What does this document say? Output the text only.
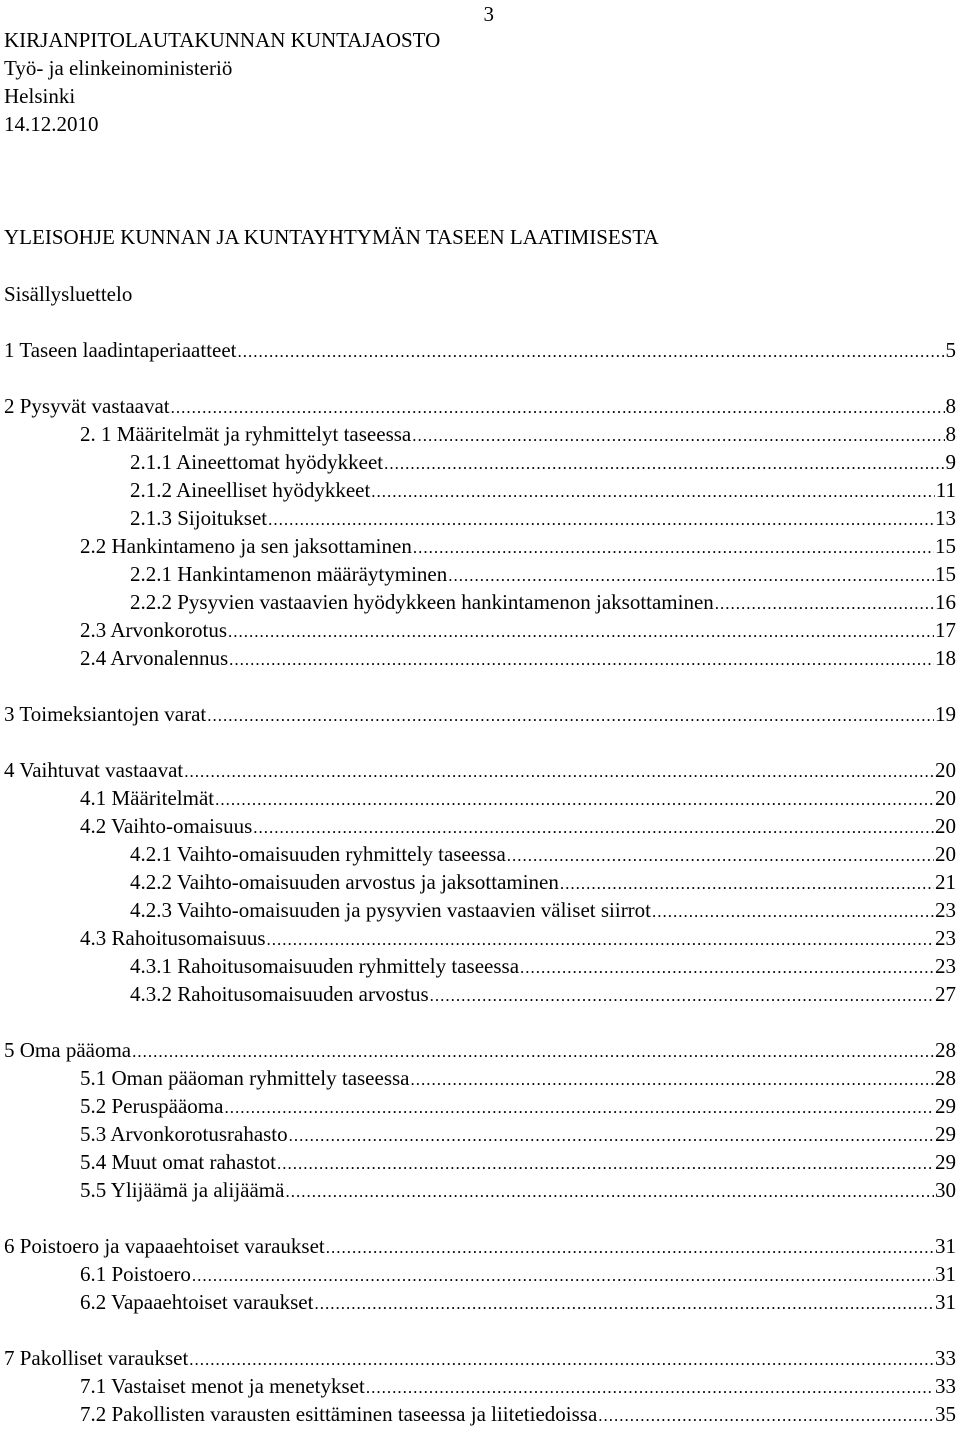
3
KIRJANPITOLAUTAKUNNAN KUNTAJAOSTO
Työ- ja elinkeinoministeriö
Helsinki
14.12.2010
YLEISOHJE KUNNAN JA KUNTAYHTYMÄN TASEEN LAATIMISESTA
Sisällysluettelo
1 Taseen laadintaperiaatteet .....	5
2 Pysyvät vastaavat .....	8
2. 1 Määritelmät ja ryhmittelyt taseessa .....	8
2.1.1 Aineettomat hyödykkeet .....	9
2.1.2 Aineelliset hyödykkeet .....	11
2.1.3 Sijoitukset .....	13
2.2 Hankintameno ja sen jaksottaminen .....	15
2.2.1 Hankintamenon määräytyminen .....	15
2.2.2 Pysyvien vastaavien hyödykkeen hankintamenon jaksottaminen .....	16
2.3 Arvonkorotus .....	17
2.4 Arvonalennus .....	18
3 Toimeksiantojen varat .....	19
4 Vaihtuvat vastaavat .....	20
4.1 Määritelmät .....	20
4.2 Vaihto-omaisuus .....	20
4.2.1 Vaihto-omaisuuden ryhmittely taseessa .....	20
4.2.2 Vaihto-omaisuuden arvostus ja jaksottaminen .....	21
4.2.3 Vaihto-omaisuuden ja pysyvien vastaavien väliset siirrot .....	23
4.3 Rahoitusomaisuus .....	23
4.3.1 Rahoitusomaisuuden ryhmittely taseessa .....	23
4.3.2 Rahoitusomaisuuden arvostus .....	27
5 Oma pääoma .....	28
5.1 Oman pääoman ryhmittely taseessa .....	28
5.2 Peruspääoma .....	29
5.3 Arvonkorotusrahasto .....	29
5.4 Muut omat rahastot .....	29
5.5 Ylijäämä ja alijäämä .....	30
6 Poistoero ja vapaaehtoiset varaukset .....	31
6.1 Poistoero .....	31
6.2 Vapaaehtoiset varaukset .....	31
7 Pakolliset varaukset .....	33
7.1 Vastaiset menot ja menetykset .....	33
7.2 Pakollisten varausten esittäminen taseessa ja liitetiedoissa .....	35
